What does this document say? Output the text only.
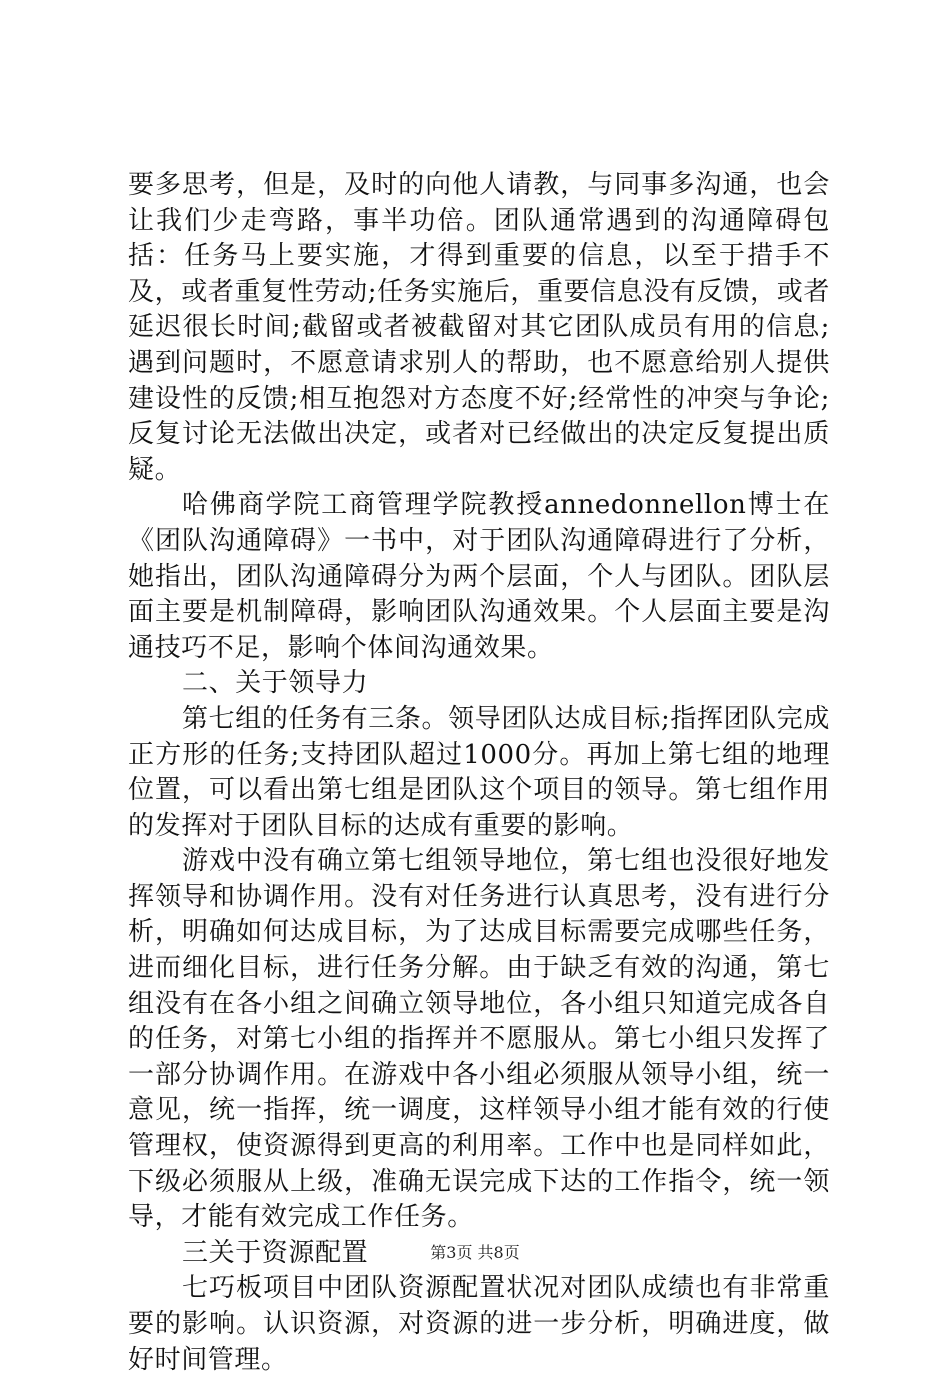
要多思考，但是，及时的向他人请教，与同事多沟通，也会让我们少走弯路，事半功倍。团队通常遇到的沟通障碍包括：任务马上要实施，才得到重要的信息，以至于措手不及，或者重复性劳动;任务实施后，重要信息没有反馈，或者延迟很长时间;截留或者被截留对其它团队成员有用的信息;遇到问题时，不愿意请求别人的帮助，也不愿意给别人提供建设性的反馈;相互抱怨对方态度不好;经常性的冲突与争论;反复讨论无法做出决定，或者对已经做出的决定反复提出质疑。

哈佛商学院工商管理学院教授annedonnellon博士在《团队沟通障碍》一书中，对于团队沟通障碍进行了分析，她指出，团队沟通障碍分为两个层面，个人与团队。团队层面主要是机制障碍，影响团队沟通效果。个人层面主要是沟通技巧不足，影响个体间沟通效果。

二、关于领导力

第七组的任务有三条。领导团队达成目标;指挥团队完成正方形的任务;支持团队超过1000分。再加上第七组的地理位置，可以看出第七组是团队这个项目的领导。第七组作用的发挥对于团队目标的达成有重要的影响。

游戏中没有确立第七组领导地位，第七组也没很好地发挥领导和协调作用。没有对任务进行认真思考，没有进行分析，明确如何达成目标，为了达成目标需要完成哪些任务，进而细化目标，进行任务分解。由于缺乏有效的沟通，第七组没有在各小组之间确立领导地位，各小组只知道完成各自的任务，对第七小组的指挥并不愿服从。第七小组只发挥了一部分协调作用。在游戏中各小组必须服从领导小组，统一意见，统一指挥，统一调度，这样领导小组才能有效的行使管理权，使资源得到更高的利用率。工作中也是同样如此，下级必须服从上级，准确无误完成下达的工作指令，统一领导，才能有效完成工作任务。

三关于资源配置

七巧板项目中团队资源配置状况对团队成绩也有非常重要的影响。认识资源，对资源的进一步分析，明确进度，做好时间管理。

第3页 共8页
